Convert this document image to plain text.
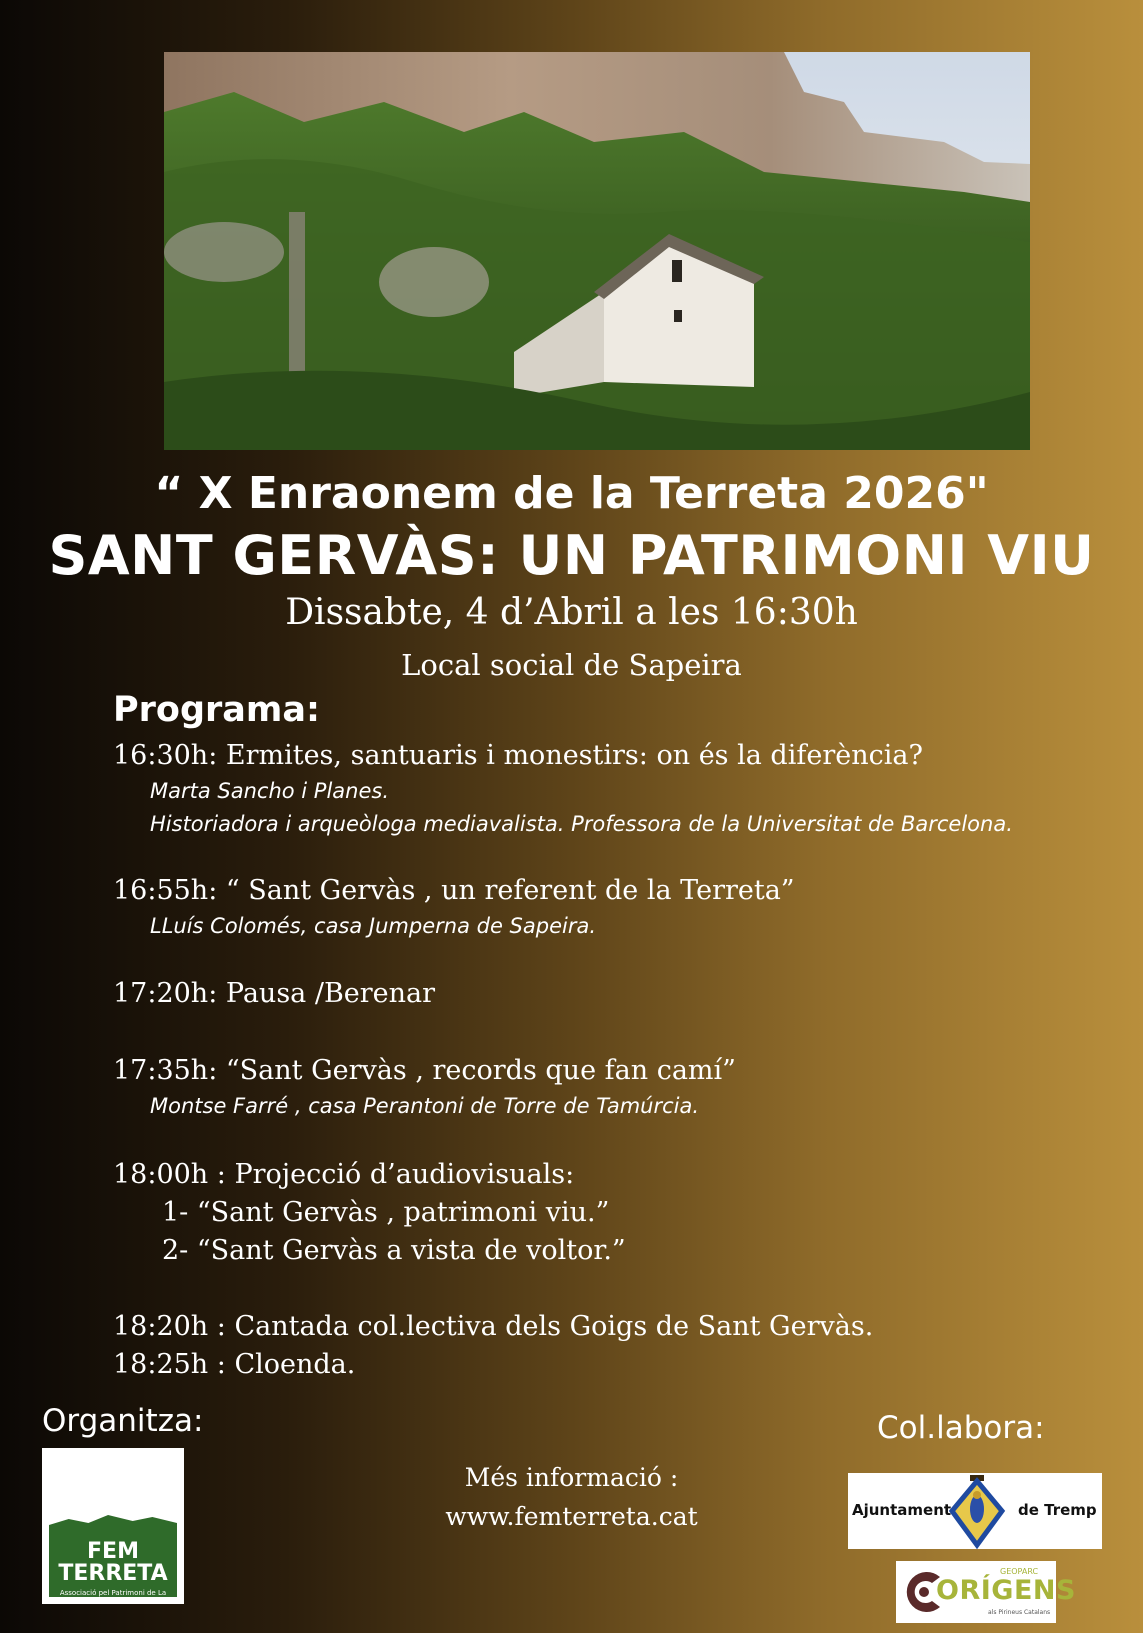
“ X Enraonem de la Terreta 2026"
SANT GERVÀS: UN PATRIMONI VIU
Dissabte, 4 d’Abril a les 16:30h
Local social de Sapeira
Programa:
16:30h: Ermites, santuaris i monestirs: on és la diferència?
Marta Sancho i Planes.
Historiadora i arqueòloga mediavalista. Professora de la Universitat de Barcelona.
16:55h: “ Sant Gervàs , un referent de la Terreta”
LLuís Colomés, casa Jumperna de Sapeira.
17:20h: Pausa /Berenar
17:35h: “Sant Gervàs , records que fan camí”
Montse Farré , casa Perantoni de Torre de Tamúrcia.
18:00h : Projecció d’audiovisuals:
1- “Sant Gervàs , patrimoni viu.”
2- “Sant Gervàs a vista de voltor.”
18:20h : Cantada col.lectiva dels Goigs de Sant Gervàs.
18:25h : Cloenda.
Organitza:	Col.labora:
FEM
TERRETA
Associació pel Patrimoni de La Terreta
Més informació :
www.femterreta.cat	Ajuntament	de Tremp
GEOPARC
ORÍGENS
als Pirineus Catalans
